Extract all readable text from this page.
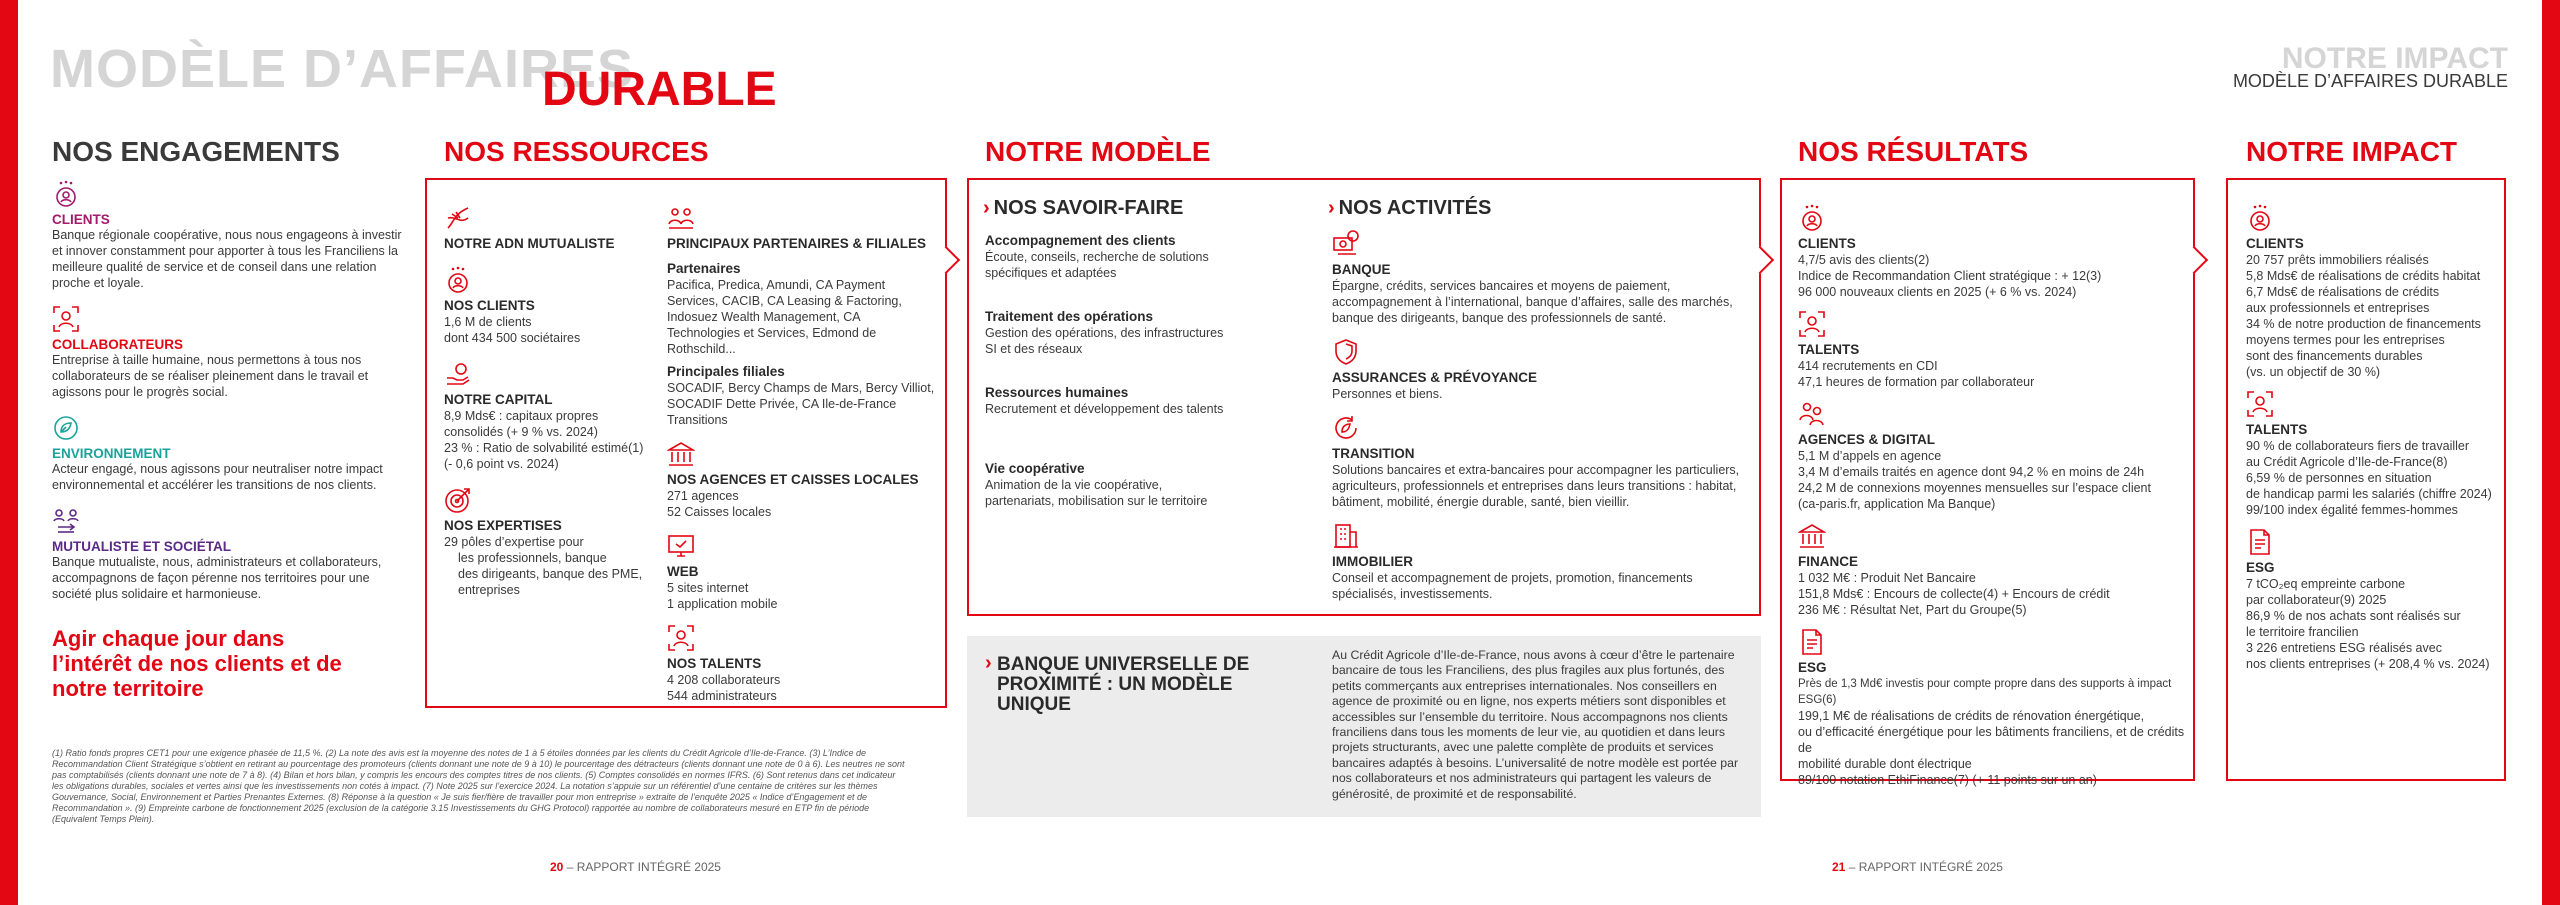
MODÈLE D’AFFAIRES
DURABLE
NOTRE IMPACT
MODÈLE D’AFFAIRES DURABLE
NOS ENGAGEMENTS
CLIENTS
Banque régionale coopérative, nous nous engageons à investir et innover constamment pour apporter à tous les Franciliens la meilleure qualité de service et de conseil dans une relation proche et loyale.
COLLABORATEURS
Entreprise à taille humaine, nous permettons à tous nos collaborateurs de se réaliser pleinement dans le travail et agissons pour le progrès social.
ENVIRONNEMENT
Acteur engagé, nous agissons pour neutraliser notre impact environnemental et accélérer les transitions de nos clients.
MUTUALISTE ET SOCIÉTAL
Banque mutualiste, nous, administrateurs et collaborateurs, accompagnons de façon pérenne nos territoires pour une société plus solidaire et harmonieuse.
Agir chaque jour dans l’intérêt de nos clients et de notre territoire
(1) Ratio fonds propres CET1 pour une exigence phasée de 11,5 %. (2) La note des avis est la moyenne des notes de 1 à 5 étoiles données par les clients du Crédit Agricole d’Ile-de-France. (3) L’Indice de Recommandation Client Stratégique s’obtient en retirant au pourcentage des promoteurs (clients donnant une note de 9 à 10) le pourcentage des détracteurs (clients donnant une note de 0 à 6). Les neutres ne sont pas comptabilisés (clients donnant une note de 7 à 8). (4) Bilan et hors bilan, y compris les encours des comptes titres de nos clients. (5) Comptes consolidés en normes IFRS. (6) Sont retenus dans cet indicateur les obligations durables, sociales et vertes ainsi que les investissements non cotés à impact. (7) Note 2025 sur l’exercice 2024. La notation s’appuie sur un référentiel d’une centaine de critères sur les thèmes Gouvernance, Social, Environnement et Parties Prenantes Externes. (8) Réponse à la question « Je suis fier/fière de travailler pour mon entreprise » extraite de l’enquête 2025 « Indice d’Engagement et de Recommandation ». (9) Empreinte carbone de fonctionnement 2025 (exclusion de la catégorie 3.15 Investissements du GHG Protocol) rapportée au nombre de collaborateurs mesuré en ETP fin de période (Equivalent Temps Plein).
NOS RESSOURCES
NOTRE ADN MUTUALISTE
NOS CLIENTS
1,6 M de clients
dont 434 500 sociétaires
NOTRE CAPITAL
8,9 Mds€ : capitaux propres
consolidés (+ 9 % vs. 2024)
23 % : Ratio de solvabilité estimé(1)
(- 0,6 point vs. 2024)
NOS EXPERTISES
29 pôles d’expertise pour
les professionnels, banque
des dirigeants, banque des PME,
entreprises
PRINCIPAUX PARTENAIRES & FILIALES
Partenaires
Pacifica, Predica, Amundi, CA Payment Services, CACIB, CA Leasing & Factoring, Indosuez Wealth Management, CA Technologies et Services, Edmond de Rothschild...
Principales filiales
SOCADIF, Bercy Champs de Mars, Bercy Villiot, SOCADIF Dette Privée, CA Ile-de-France Transitions
NOS AGENCES ET CAISSES LOCALES
271 agences
52 Caisses locales
WEB
5 sites internet
1 application mobile
NOS TALENTS
4 208 collaborateurs
544 administrateurs
NOTRE MODÈLE
› NOS SAVOIR-FAIRE
Accompagnement des clients
Écoute, conseils, recherche de solutions spécifiques et adaptées
Traitement des opérations
Gestion des opérations, des infrastructures SI et des réseaux
Ressources humaines
Recrutement et développement des talents
Vie coopérative
Animation de la vie coopérative, partenariats, mobilisation sur le territoire
› NOS ACTIVITÉS
BANQUE
Épargne, crédits, services bancaires et moyens de paiement, accompagnement à l’international, banque d’affaires, salle des marchés, banque des dirigeants, banque des professionnels de santé.
ASSURANCES & PRÉVOYANCE
Personnes et biens.
TRANSITION
Solutions bancaires et extra-bancaires pour accompagner les particuliers, agriculteurs, professionnels et entreprises dans leurs transitions : habitat, bâtiment, mobilité, énergie durable, santé, bien vieillir.
IMMOBILIER
Conseil et accompagnement de projets, promotion, financements spécialisés, investissements.
› BANQUE UNIVERSELLE DE PROXIMITÉ : UN MODÈLE UNIQUE
Au Crédit Agricole d’Ile-de-France, nous avons à cœur d’être le partenaire bancaire de tous les Franciliens, des plus fragiles aux plus fortunés, des petits commerçants aux entreprises internationales. Nos conseillers en agence de proximité ou en ligne, nos experts métiers sont disponibles et accessibles sur l’ensemble du territoire. Nous accompagnons nos clients franciliens dans tous les moments de leur vie, au quotidien et dans leurs projets structurants, avec une palette complète de produits et services bancaires adaptés à besoins. L’universalité de notre modèle est portée par nos collaborateurs et nos administrateurs qui partagent les valeurs de générosité, de proximité et de responsabilité.
NOS RÉSULTATS
CLIENTS
4,7/5 avis des clients(2)
Indice de Recommandation Client stratégique : + 12(3)
96 000 nouveaux clients en 2025 (+ 6 % vs. 2024)
TALENTS
414 recrutements en CDI
47,1 heures de formation par collaborateur
AGENCES & DIGITAL
5,1 M d’appels en agence
3,4 M d’emails traités en agence dont 94,2 % en moins de 24h
24,2 M de connexions moyennes mensuelles sur l’espace client
(ca-paris.fr, application Ma Banque)
FINANCE
1 032 M€ : Produit Net Bancaire
151,8 Mds€ : Encours de collecte(4) + Encours de crédit
236 M€ : Résultat Net, Part du Groupe(5)
ESG
Près de 1,3 Md€ investis pour compte propre dans des supports à impact ESG(6)
199,1 M€ de réalisations de crédits de rénovation énergétique,
ou d’efficacité énergétique pour les bâtiments franciliens, et de crédits de
mobilité durable dont électrique
89/100 notation EthiFinance(7) (+ 11 points sur un an)
NOTRE IMPACT
CLIENTS
20 757 prêts immobiliers réalisés
5,8 Mds€ de réalisations de crédits habitat
6,7 Mds€ de réalisations de crédits
aux professionnels et entreprises
34 % de notre production de financements
moyens termes pour les entreprises
sont des financements durables
(vs. un objectif de 30 %)
TALENTS
90 % de collaborateurs fiers de travailler
au Crédit Agricole d’Ile-de-France(8)
6,59 % de personnes en situation
de handicap parmi les salariés (chiffre 2024)
99/100 index égalité femmes-hommes
ESG
7 tCO₂eq empreinte carbone
par collaborateur(9) 2025
86,9 % de nos achats sont réalisés sur
le territoire francilien
3 226 entretiens ESG réalisés avec
nos clients entreprises (+ 208,4 % vs. 2024)
20 – RAPPORT INTÉGRÉ 2025	21 – RAPPORT INTÉGRÉ 2025
